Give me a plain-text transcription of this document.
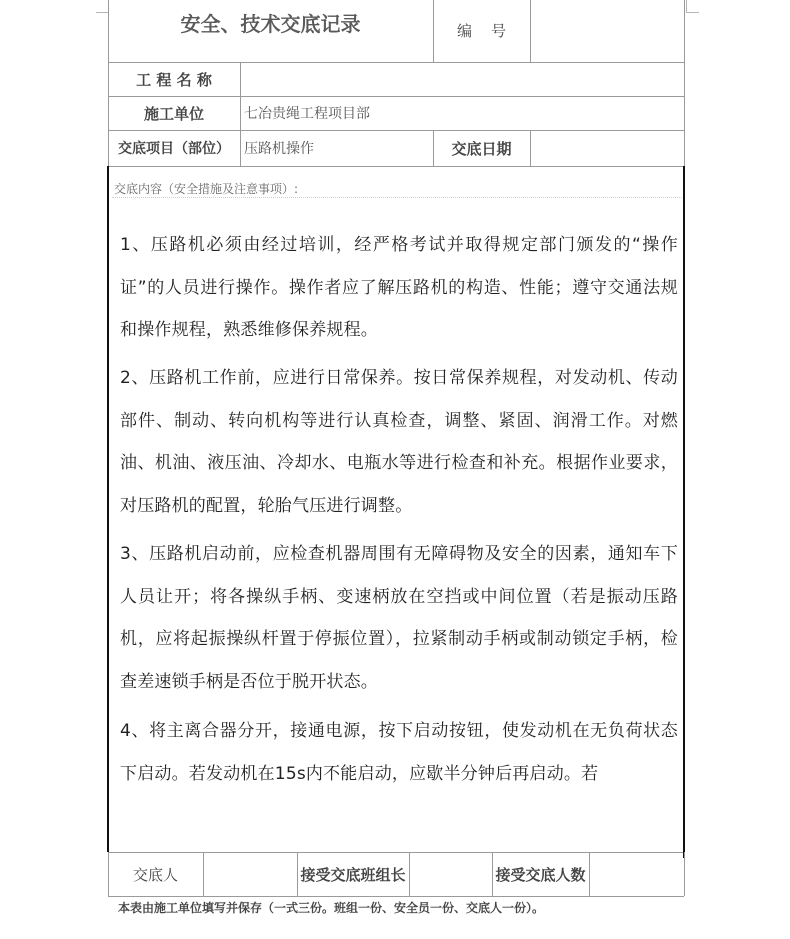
安全、技术交底记录	编    号
工 程 名 称
施工单位	七冶贵绳工程项目部
交底项目（部位）	压路机操作	交底日期
交底内容（安全措施及注意事项）:
1、压路机必须由经过培训，经严格考试并取得规定部门颁发的“操作证”的人员进行操作。操作者应了解压路机的构造、性能；遵守交通法规和操作规程，熟悉维修保养规程。
2、压路机工作前，应进行日常保养。按日常保养规程，对发动机、传动部件、制动、转向机构等进行认真检查，调整、紧固、润滑工作。对燃油、机油、液压油、冷却水、电瓶水等进行检查和补充。根据作业要求，对压路机的配置，轮胎气压进行调整。
3、压路机启动前，应检查机器周围有无障碍物及安全的因素，通知车下人员让开；将各操纵手柄、变速柄放在空挡或中间位置（若是振动压路机，应将起振操纵杆置于停振位置），拉紧制动手柄或制动锁定手柄，检查差速锁手柄是否位于脱开状态。
4、将主离合器分开，接通电源，按下启动按钮，使发动机在无负荷状态下启动。若发动机在15s内不能启动，应歇半分钟后再启动。若
交底人	接受交底班组长	接受交底人数
本表由施工单位填写并保存（一式三份。班组一份、安全员一份、交底人一份）。
